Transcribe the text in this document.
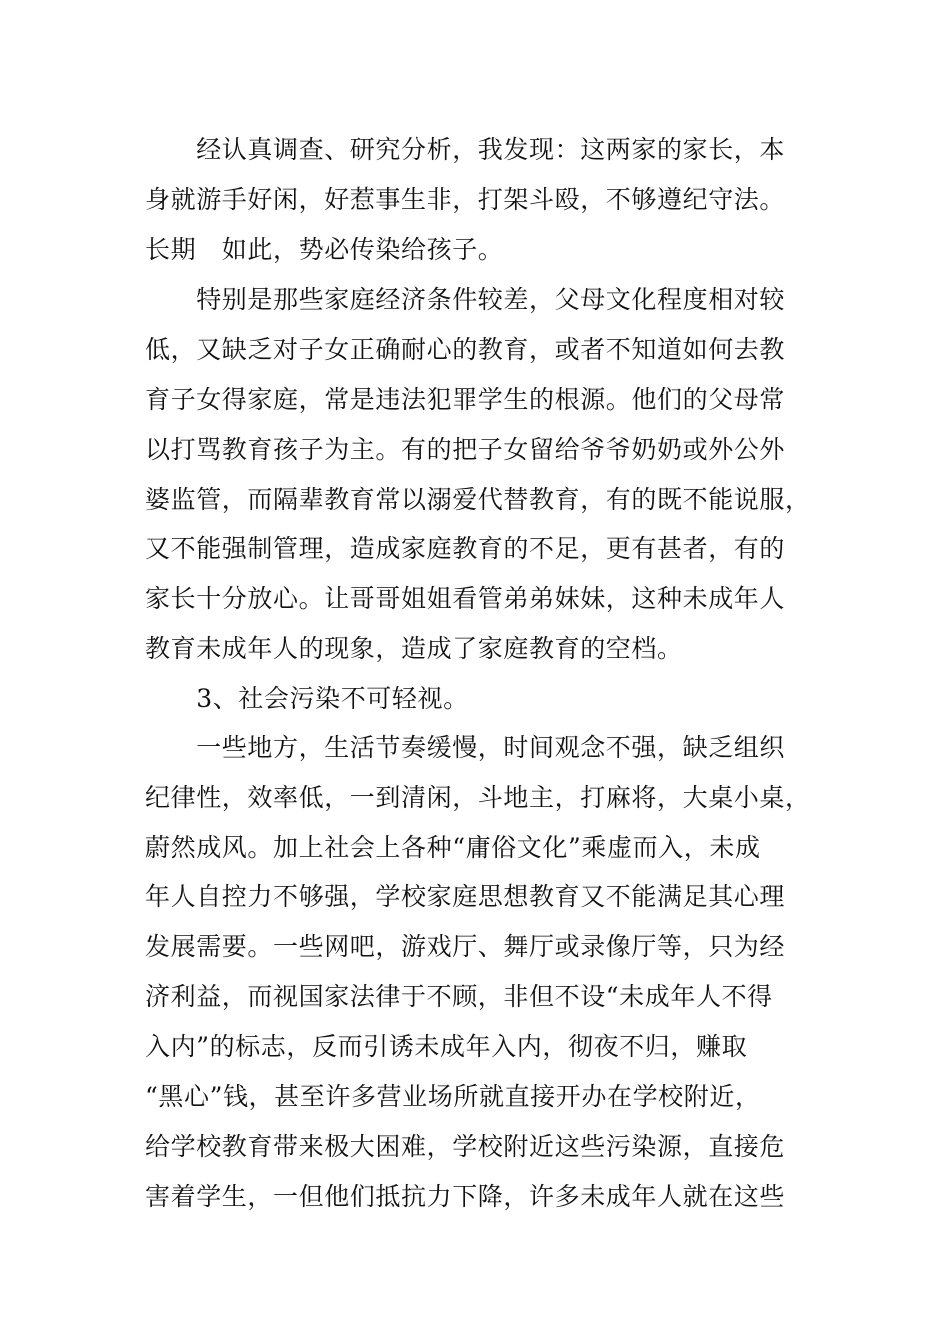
　　经认真调查、研究分析，我发现：这两家的家长，本
身就游手好闲，好惹事生非，打架斗殴，不够遵纪守法。
长期　如此，势必传染给孩子。
　　特别是那些家庭经济条件较差，父母文化程度相对较
低，又缺乏对子女正确耐心的教育，或者不知道如何去教
育子女得家庭，常是违法犯罪学生的根源。他们的父母常
以打骂教育孩子为主。有的把子女留给爷爷奶奶或外公外
婆监管，而隔辈教育常以溺爱代替教育，有的既不能说服，
又不能强制管理，造成家庭教育的不足，更有甚者，有的
家长十分放心。让哥哥姐姐看管弟弟妹妹，这种未成年人
教育未成年人的现象，造成了家庭教育的空档。
　　3、社会污染不可轻视。
　　一些地方，生活节奏缓慢，时间观念不强，缺乏组织
纪律性，效率低，一到清闲，斗地主，打麻将，大桌小桌，
蔚然成风。加上社会上各种“庸俗文化”乘虚而入，未成
年人自控力不够强，学校家庭思想教育又不能满足其心理
发展需要。一些网吧，游戏厅、舞厅或录像厅等，只为经
济利益，而视国家法律于不顾，非但不设“未成年人不得
入内”的标志，反而引诱未成年入内，彻夜不归，赚取
“黑心”钱，甚至许多营业场所就直接开办在学校附近，
给学校教育带来极大困难，学校附近这些污染源，直接危
害着学生，一但他们抵抗力下降，许多未成年人就在这些
